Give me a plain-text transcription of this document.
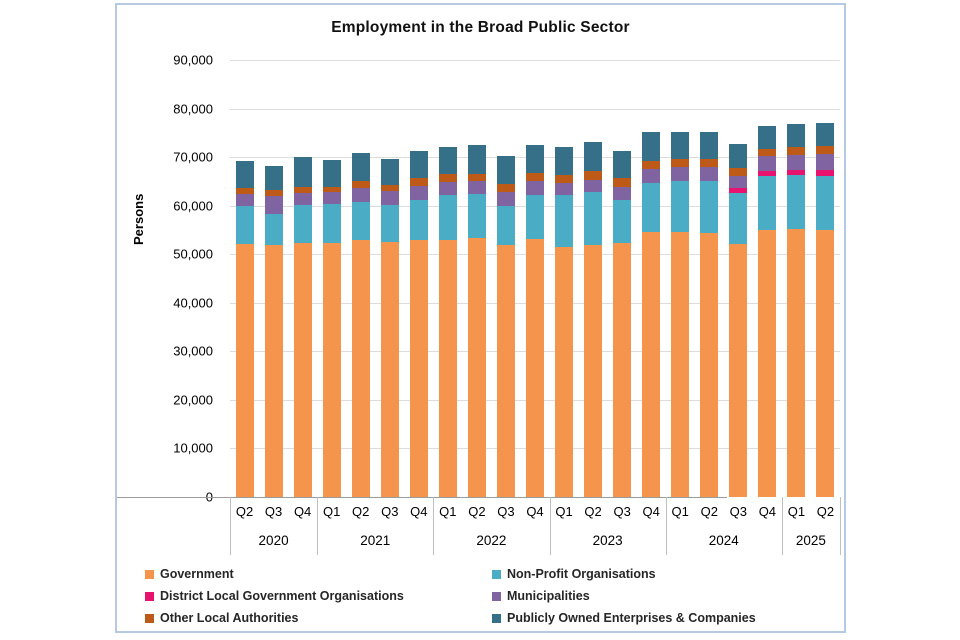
Employment in the Broad Public Sector
Persons
10,000
20,000
30,000
40,000
50,000
60,000
70,000
80,000
90,000
Q2 Q3 Q4
2020
Q1 Q2 Q3 Q4
2021
Q1 Q2 Q3 Q4
2022
Q1 Q2 Q3 Q4
2023
Q1 Q2 Q3 Q4
2024
Q1 Q2
2025
Government	Non-Profit Organisations
District Local Government Organisations	Municipalities
Other Local Authorities	Publicly Owned Enterprises & Companies
